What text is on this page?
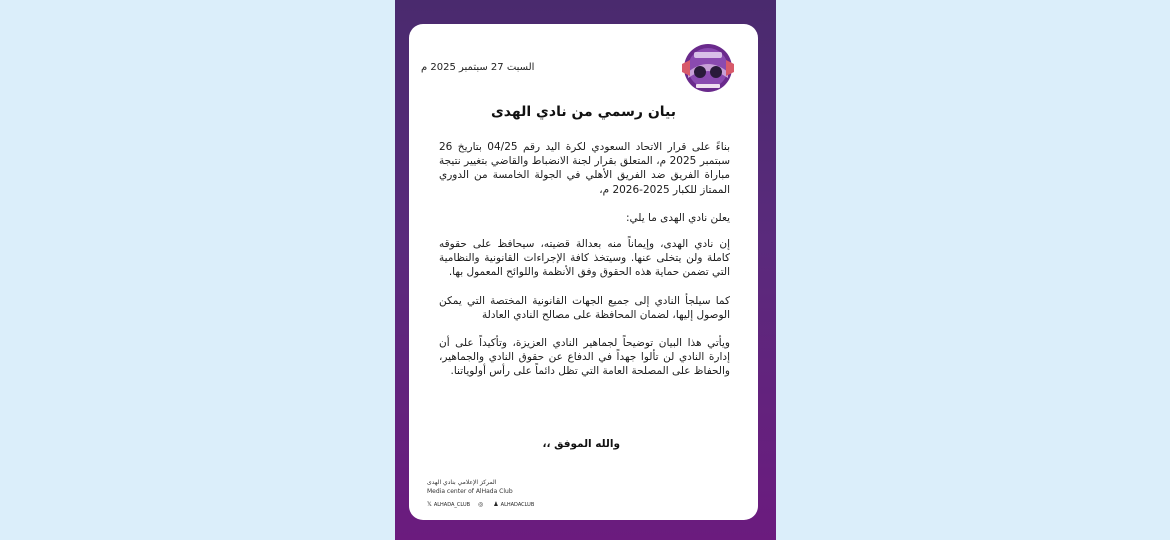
السبت 27 سبتمبر 2025 م
بيان رسمي من نادي الهدى

بناءً على قرار الاتحاد السعودي لكرة اليد رقم 04/25 بتاريخ 26 سبتمبر 2025 م، المتعلق بقرار لجنة الانضباط والقاضي بتغيير نتيجة مباراة الفريق ضد الفريق الأهلي في الجولة الخامسة من الدوري الممتاز للكبار 2025-2026 م،

يعلن نادي الهدى ما يلي:

إن نادي الهدى، وإيماناً منه بعدالة قضيته، سيحافظ على حقوقه كاملة ولن يتخلى عنها. وسيتخذ كافة الإجراءات القانونية والنظامية التي تضمن حماية هذه الحقوق وفق الأنظمة واللوائح المعمول بها.

كما سيلجأ النادي إلى جميع الجهات القانونية المختصة التي يمكن الوصول إليها، لضمان المحافظة على مصالح النادي العادلة

ويأتي هذا البيان توضيحاً لجماهير النادي العزيزة، وتأكيداً على أن إدارة النادي لن تألوا جهداً في الدفاع عن حقوق النادي والجماهير، والحفاظ على المصلحة العامة التي تظل دائماً على رأس أولوياتنا.

والله الموفق ،،
المركز الإعلامي بنادي الهدى
Media center of AlHada Club
𝕏 ALHADA_CLUB ◎	♟ ALHADACLUB
